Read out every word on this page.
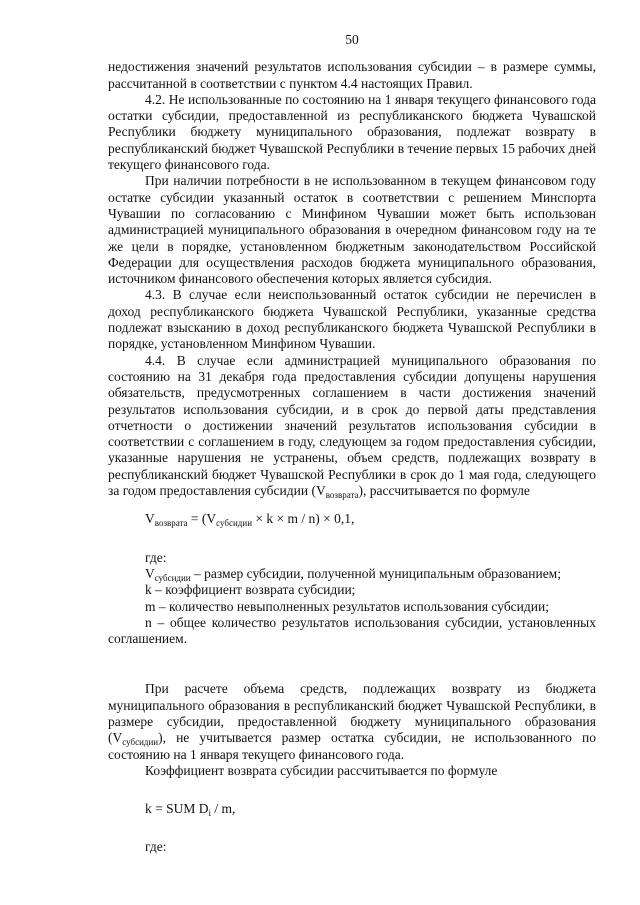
50

недостижения значений результатов использования субсидии – в размере суммы, рассчитанной в соответствии с пунктом 4.4 настоящих Правил.

4.2. Не использованные по состоянию на 1 января текущего финансового года остатки субсидии, предоставленной из республиканского бюджета Чувашской Республики бюджету муниципального образования, подлежат возврату в республиканский бюджет Чувашской Республики в течение первых 15 рабочих дней текущего финансового года.

При наличии потребности в не использованном в текущем финансовом году остатке субсидии указанный остаток в соответствии с решением Минспорта Чувашии по согласованию с Минфином Чувашии может быть использован администрацией муниципального образования в очередном финансовом году на те же цели в порядке, установленном бюджетным законодательством Российской Федерации для осуществления расходов бюджета муниципального образования, источником финансового обеспечения которых является субсидия.

4.3. В случае если неиспользованный остаток субсидии не перечислен в доход республиканского бюджета Чувашской Республики, указанные средства подлежат взысканию в доход республиканского бюджета Чувашской Республики в порядке, установленном Минфином Чувашии.

4.4. В случае если администрацией муниципального образования по состоянию на 31 декабря года предоставления субсидии допущены нарушения обязательств, предусмотренных соглашением в части достижения значений результатов использования субсидии, и в срок до первой даты представления отчетности о достижении значений результатов использования субсидии в соответствии с соглашением в году, следующем за годом предоставления субсидии, указанные нарушения не устранены, объем средств, подлежащих возврату в республиканский бюджет Чувашской Республики в срок до 1 мая года, следующего за годом предоставления субсидии $(V_{возврата})$, рассчитывается по формуле

$V_{возврата} = (V_{субсидии} \times k \times m / n) \times 0,1$,

где:

$V_{субсидии}$ – размер субсидии, полученной муниципальным образованием;

k – коэффициент возврата субсидии;

m – количество невыполненных результатов использования субсидии;

n – общее количество результатов использования субсидии, установленных соглашением.

При расчете объема средств, подлежащих возврату из бюджета муниципального образования в республиканский бюджет Чувашской Республики, в размере субсидии, предоставленной бюджету муниципального образования $(V_{субсидии})$, не учитывается размер остатка субсидии, не использованного по состоянию на 1 января текущего финансового года.

Коэффициент возврата субсидии рассчитывается по формуле

k = SUM $D_i$ / m,

где:
